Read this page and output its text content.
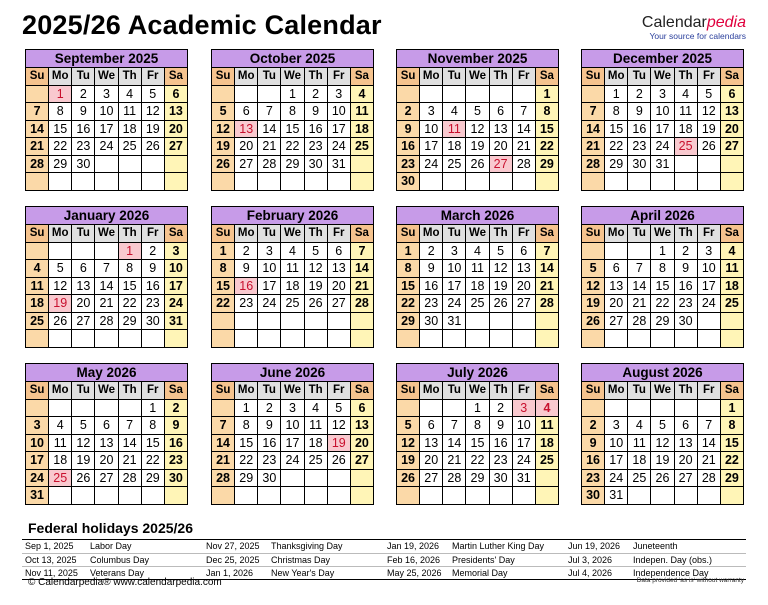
2025/26 Academic Calendar	Calendarpedia
Your source for calendars
September 2025
Su	Mo	Tu	We	Th	Fr	Sa
	1	2	3	4	5	6
7	8	9	10	11	12	13
14	15	16	17	18	19	20
21	22	23	24	25	26	27
28	29	30				

October 2025
Su	Mo	Tu	We	Th	Fr	Sa
			1	2	3	4
5	6	7	8	9	10	11
12	13	14	15	16	17	18
19	20	21	22	23	24	25
26	27	28	29	30	31	

November 2025
Su	Mo	Tu	We	Th	Fr	Sa
						1
2	3	4	5	6	7	8
9	10	11	12	13	14	15
16	17	18	19	20	21	22
23	24	25	26	27	28	29
30						
December 2025
Su	Mo	Tu	We	Th	Fr	Sa
	1	2	3	4	5	6
7	8	9	10	11	12	13
14	15	16	17	18	19	20
21	22	23	24	25	26	27
28	29	30	31			

January 2026
Su	Mo	Tu	We	Th	Fr	Sa
				1	2	3
4	5	6	7	8	9	10
11	12	13	14	15	16	17
18	19	20	21	22	23	24
25	26	27	28	29	30	31

February 2026
Su	Mo	Tu	We	Th	Fr	Sa
1	2	3	4	5	6	7
8	9	10	11	12	13	14
15	16	17	18	19	20	21
22	23	24	25	26	27	28

March 2026
Su	Mo	Tu	We	Th	Fr	Sa
1	2	3	4	5	6	7
8	9	10	11	12	13	14
15	16	17	18	19	20	21
22	23	24	25	26	27	28
29	30	31				

April 2026
Su	Mo	Tu	We	Th	Fr	Sa
			1	2	3	4
5	6	7	8	9	10	11
12	13	14	15	16	17	18
19	20	21	22	23	24	25
26	27	28	29	30		

May 2026
Su	Mo	Tu	We	Th	Fr	Sa
					1	2
3	4	5	6	7	8	9
10	11	12	13	14	15	16
17	18	19	20	21	22	23
24	25	26	27	28	29	30
31						
June 2026
Su	Mo	Tu	We	Th	Fr	Sa
	1	2	3	4	5	6
7	8	9	10	11	12	13
14	15	16	17	18	19	20
21	22	23	24	25	26	27
28	29	30				

July 2026
Su	Mo	Tu	We	Th	Fr	Sa
			1	2	3	4
5	6	7	8	9	10	11
12	13	14	15	16	17	18
19	20	21	22	23	24	25
26	27	28	29	30	31	

August 2026
Su	Mo	Tu	We	Th	Fr	Sa
						1
2	3	4	5	6	7	8
9	10	11	12	13	14	15
16	17	18	19	20	21	22
23	24	25	26	27	28	29
30	31					
Federal holidays 2025/26
Sep 1, 2025	Labor Day	Nov 27, 2025	Thanksgiving Day	Jan 19, 2026	Martin Luther King Day	Jun 19, 2026	Juneteenth
Oct 13, 2025	Columbus Day	Dec 25, 2025	Christmas Day	Feb 16, 2026	Presidents' Day	Jul 3, 2026	Indepen. Day (obs.)
Nov 11, 2025	Veterans Day	Jan 1, 2026	New Year's Day	May 25, 2026	Memorial Day	Jul 4, 2026	Independence Day
© Calendarpedia® www.calendarpedia.com	Data provided 'as is' without warranty
